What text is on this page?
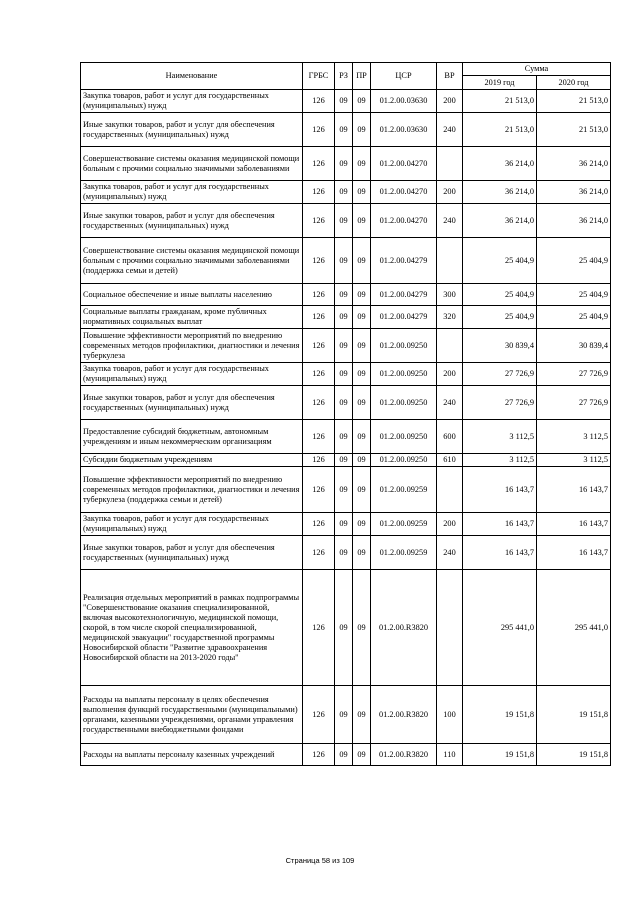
Наименование	ГРБС	РЗ	ПР	ЦСР	ВР	Сумма	
						2019 год	2020 год
Закупка товаров, работ и услуг для государственных (муниципальных) нужд	126	09	09	01.2.00.03630	200	21 513,0	21 513,0
Иные закупки товаров, работ и услуг для обеспечения государственных (муниципальных) нужд	126	09	09	01.2.00.03630	240	21 513,0	21 513,0
Совершенствование системы оказания медицинской помощи больным с прочими социально значимыми заболеваниями	126	09	09	01.2.00.04270		36 214,0	36 214,0
Закупка товаров, работ и услуг для государственных (муниципальных) нужд	126	09	09	01.2.00.04270	200	36 214,0	36 214,0
Иные закупки товаров, работ и услуг для обеспечения государственных (муниципальных) нужд	126	09	09	01.2.00.04270	240	36 214,0	36 214,0
Совершенствование системы оказания медицинской помощи больным с прочими социально значимыми заболеваниями (поддержка семьи и детей)	126	09	09	01.2.00.04279		25 404,9	25 404,9
Социальное обеспечение и иные выплаты населению	126	09	09	01.2.00.04279	300	25 404,9	25 404,9
Социальные выплаты гражданам, кроме публичных нормативных социальных выплат	126	09	09	01.2.00.04279	320	25 404,9	25 404,9
Повышение эффективности мероприятий по внедрению современных методов профилактики, диагностики и лечения туберкулеза	126	09	09	01.2.00.09250		30 839,4	30 839,4
Закупка товаров, работ и услуг для государственных (муниципальных) нужд	126	09	09	01.2.00.09250	200	27 726,9	27 726,9
Иные закупки товаров, работ и услуг для обеспечения государственных (муниципальных) нужд	126	09	09	01.2.00.09250	240	27 726,9	27 726,9
Предоставление субсидий бюджетным, автономным учреждениям и иным некоммерческим организациям	126	09	09	01.2.00.09250	600	3 112,5	3 112,5
Субсидии бюджетным учреждениям	126	09	09	01.2.00.09250	610	3 112,5	3 112,5
Повышение эффективности мероприятий по внедрению современных методов профилактики, диагностики и лечения туберкулеза (поддержка семьи и детей)	126	09	09	01.2.00.09259		16 143,7	16 143,7
Закупка товаров, работ и услуг для государственных (муниципальных) нужд	126	09	09	01.2.00.09259	200	16 143,7	16 143,7
Иные закупки товаров, работ и услуг для обеспечения государственных (муниципальных) нужд	126	09	09	01.2.00.09259	240	16 143,7	16 143,7
Реализация отдельных мероприятий в рамках подпрограммы "Совершенствование оказания специализированной, включая высокотехнологичную, медицинской помощи, скорой, в том числе скорой специализированной, медицинской эвакуации" государственной программы Новосибирской области "Развитие здравоохранения Новосибирской области на 2013-2020 годы"	126	09	09	01.2.00.R3820		295 441,0	295 441,0
Расходы на выплаты персоналу в целях обеспечения выполнения функций государственными (муниципальными) органами, казенными учреждениями, органами управления государственными внебюджетными фондами	126	09	09	01.2.00.R3820	100	19 151,8	19 151,8
Расходы на выплаты персоналу казенных учреждений	126	09	09	01.2.00.R3820	110	19 151,8	19 151,8
Страница 58 из 109
